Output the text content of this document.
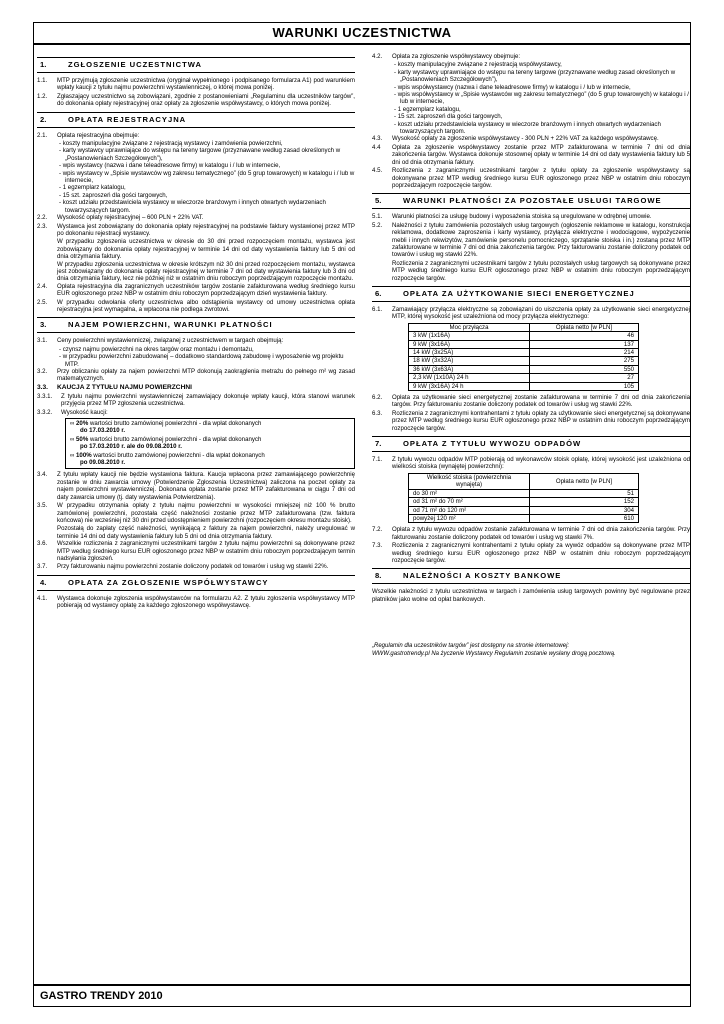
WARUNKI UCZESTNICTWA
1.	ZGŁOSZENIE UCZESTNICTWA
1.1.	MTP przyjmują zgłoszenie uczestnictwa (oryginał wypełnionego i podpisanego formularza A1) pod warunkiem wpłaty kaucji z tytułu najmu powierzchni wystawienniczej, o której mowa poniżej.
1.2.	Zgłaszający uczestnictwo są zobowiązani, zgodnie z postanowieniami „Regulaminu dla uczestników targów”, do dokonania opłaty rejestracyjnej oraz opłaty za zgłoszenie współwystawcy, o których mowa poniżej.
2.	OPŁATA REJESTRACYJNA
2.1.	Opłata rejestracyjna obejmuje:
- koszty manipulacyjne związane z rejestracją wystawcy i zamówienia powierzchni,
- karty wystawcy uprawniające do wstępu na tereny targowe (przyznawane według zasad określonych w „Postanowieniach Szczegółowych”),
- wpis wystawcy (nazwa i dane teleadresowe firmy) w katalogu i / lub w internecie,
- wpis wystawcy w „Spisie wystawców wg zakresu tematycznego” (do 5 grup towarowych) w katalogu i / lub w internecie,
- 1 egzemplarz katalogu,
- 15 szt. zaproszeń dla gości targowych,
- koszt udziału przedstawiciela wystawcy w wieczorze branżowym i innych otwartych wydarzeniach towarzyszących targom.
2.2.	Wysokość opłaty rejestracyjnej – 600 PLN + 22% VAT.
2.3.	Wystawca jest zobowiązany do dokonania opłaty rejestracyjnej na podstawie faktury wystawionej przez MTP po dokonaniu rejestracji wystawcy.
W przypadku zgłoszenia uczestnictwa w okresie do 30 dni przed rozpoczęciem montażu, wystawca jest zobowiązany do dokonania opłaty rejestracyjnej w terminie 14 dni od daty wystawienia faktury lub 5 dni od dnia otrzymania faktury.
W przypadku zgłoszenia uczestnictwa w okresie krótszym niż 30 dni przed rozpoczęciem montażu, wystawca jest zobowiązany do dokonania opłaty rejestracyjnej w terminie 7 dni od daty wystawienia faktury lub 3 dni od dnia otrzymania faktury, lecz nie później niż w ostatnim dniu roboczym poprzedzającym rozpoczęcie montażu.
2.4.	Opłata rejestracyjna dla zagranicznych uczestników targów zostanie zafakturowana według średniego kursu EUR ogłoszonego przez NBP w ostatnim dniu roboczym poprzedzającym dzień wystawienia faktury.
2.5.	W przypadku odwołania oferty uczestnictwa albo odstąpienia wystawcy od umowy uczestnictwa opłata rejestracyjna jest wymagalna, a wpłacona nie podlega zwrotowi.
3.	NAJEM POWIERZCHNI, WARUNKI PŁATNOŚCI
3.1.	Ceny powierzchni wystawienniczej, związanej z uczestnictwem w targach obejmują:
- czynsz najmu powierzchni na okres targów oraz montażu i demontażu,
- w przypadku powierzchni zabudowanej – dodatkowo standardową zabudowę i wyposażenie wg projektu MTP.
3.2.	Przy obliczaniu opłaty za najem powierzchni MTP dokonują zaokrąglenia metrażu do pełnego m² wg zasad matematycznych.
3.3.	KAUCJA Z TYTUŁU NAJMU POWIERZCHNI
3.3.1.	Z tytułu najmu powierzchni wystawienniczej zamawiający dokonuje wpłaty kaucji, która stanowi warunek przyjęcia przez MTP zgłoszenia uczestnictwa.
3.3.2.	Wysokość kaucji:
∞ 20% wartości brutto zamówionej powierzchni - dla wpłat dokonanych
do 17.03.2010 r.
∞ 50% wartości brutto zamówionej powierzchni - dla wpłat dokonanych
po 17.03.2010 r. ale do 09.08.2010 r.
∞ 100% wartości brutto zamówionej powierzchni - dla wpłat dokonanych
po 09.08.2010 r.
3.4.	Z tytułu wpłaty kaucji nie będzie wystawiona faktura. Kaucja wpłacona przez zamawiającego powierzchnię zostanie w dniu zawarcia umowy (Potwierdzenie Zgłoszenia Uczestnictwa) zaliczona na poczet opłaty za najem powierzchni wystawienniczej. Dokonana opłata zostanie przez MTP zafakturowana w ciągu 7 dni od daty zawarcia umowy (tj. daty wystawienia Potwierdzenia).
3.5.	W przypadku otrzymania opłaty z tytułu najmu powierzchni w wysokości mniejszej niż 100 % brutto zamówionej powierzchni, pozostała część należności zostanie przez MTP zafakturowana (tzw. faktura końcowa) nie wcześniej niż 30 dni przed udostępnieniem powierzchni (rozpoczęciem okresu montażu stoisk).
Pozostałą do zapłaty część należności, wynikającą z faktury za najem powierzchni, należy uregulować w terminie 14 dni od daty wystawienia faktury lub 5 dni od dnia otrzymania faktury.
3.6.	Wszelkie rozliczenia z zagranicznymi uczestnikami targów z tytułu najmu powierzchni są dokonywane przez MTP według średniego kursu EUR ogłoszonego przez NBP w ostatnim dniu roboczym poprzedzającym termin nadsyłania zgłoszeń.
3.7.	Przy fakturowaniu najmu powierzchni zostanie doliczony podatek od towarów i usług wg stawki 22%.
4.	OPŁATA ZA ZGŁOSZENIE WSPÓŁWYSTAWCY
4.1.	Wystawca dokonuje zgłoszenia współwystawców na formularzu A2. Z tytułu zgłoszenia współwystawcy MTP pobierają od wystawcy opłatę za każdego zgłoszonego współwystawcę.
4.2.	Opłata za zgłoszenie współwystawcy obejmuje:
- koszty manipulacyjne związane z rejestracją współwystawcy,
- karty wystawcy uprawniające do wstępu na tereny targowe (przyznawane według zasad określonych w „Postanowieniach Szczegółowych”),
- wpis współwystawcy (nazwa i dane teleadresowe firmy) w katalogu i / lub w internecie,
- wpis współwystawcy w „Spisie wystawców wg zakresu tematycznego” (do 5 grup towarowych) w katalogu i / lub w internecie,
- 1 egzemplarz katalogu,
- 15 szt. zaproszeń dla gości targowych,
- koszt udziału przedstawiciela wystawcy w wieczorze branżowym i innych otwartych wydarzeniach towarzyszących targom.
4.3.	Wysokość opłaty za zgłoszenie współwystawcy - 300 PLN + 22% VAT za każdego współwystawcę.
4.4	Opłata za zgłoszenie współwystawcy zostanie przez MTP zafakturowana w terminie 7 dni od dnia zakończenia targów. Wystawca dokonuje stosownej opłaty w terminie 14 dni od daty wystawienia faktury lub 5 dni od dnia otrzymania faktury.
4.5.	Rozliczenia z zagranicznymi uczestnikami targów z tytułu opłaty za zgłoszenie współwystawcy są dokonywane przez MTP według średniego kursu EUR ogłoszonego przez NBP w ostatnim dniu roboczym poprzedzającym rozpoczęcie targów.
5.	WARUNKI PŁATNOŚCI ZA POZOSTAŁE USŁUGI TARGOWE
5.1.	Warunki płatności za usługę budowy i wyposażenia stoiska są uregulowane w odrębnej umowie.
5.2.	Należności z tytułu zamówienia pozostałych usług targowych (ogłoszenie reklamowe w katalogu, konstrukcja reklamowa, dodatkowe zaproszenia i karty wystawcy, przyłącza elektryczne i wodociągowe, wypożyczenie mebli i innych rekwizytów, zamówienie personelu pomocniczego, sprzątanie stoiska i in.) zostaną przez MTP zafakturowane w terminie 7 dni od dnia zakończenia targów. Przy fakturowaniu zostanie doliczony podatek od towarów i usług wg stawki 22%.
Rozliczenia z zagranicznymi uczestnikami targów z tytułu pozostałych usług targowych są dokonywane przez MTP według średniego kursu EUR ogłoszonego przez NBP w ostatnim dniu roboczym poprzedzającym rozpoczęcie targów.
6.	OPŁATA ZA UŻYTKOWANIE SIECI ENERGETYCZNEJ
6.1.	Zamawiający przyłącza elektryczne są zobowiązani do uiszczenia opłaty za użytkowanie sieci energetycznej MTP, której wysokość jest uzależniona od mocy przyłącza elektrycznego:
Moc przyłącza	Opłata netto [w PLN]
3 kW (1x16A)	46
9 kW (3x16A)	137
14 kW (3x25A)	214
18 kW (3x32A)	275
36 kW (3x63A)	550
2,3 kW (1x10A) 24 h	27
9 kW (3x16A) 24 h	105
6.2.	Opłata za użytkowanie sieci energetycznej zostanie zafakturowana w terminie 7 dni od dnia zakończenia targów. Przy fakturowaniu zostanie doliczony podatek od towarów i usług wg stawki 22%.
6.3.	Rozliczenia z zagranicznymi kontrahentami z tytułu opłaty za użytkowanie sieci energetycznej są dokonywane przez MTP według średniego kursu EUR ogłoszonego przez NBP w ostatnim dniu roboczym poprzedzającym rozpoczęcie targów.
7.	OPŁATA Z TYTUŁU WYWOZU ODPADÓW
7.1.	Z tytułu wywozu odpadów MTP pobierają od wykonawców stoisk opłatę, której wysokość jest uzależniona od wielkości stoiska (wynajętej powierzchni):
Wielkość stoiska (powierzchnia wynajęta)	Opłata netto [w PLN]
do 30 m²	51
od 31 m² do 70 m²	152
od 71 m² do 120 m²	304
powyżej 120 m²	610
7.2.	Opłata z tytułu wywozu odpadów zostanie zafakturowana w terminie 7 dni od dnia zakończenia targów. Przy fakturowaniu zostanie doliczony podatek od towarów i usług wg stawki 7%.
7.3.	Rozliczenia z zagranicznymi kontrahentami z tytułu opłaty za wywóz odpadów są dokonywane przez MTP według średniego kursu EUR ogłoszonego przez NBP w ostatnim dniu roboczym poprzedzającym rozpoczęcie targów.
8.	NALEŻNOŚCI A KOSZTY BANKOWE
Wszelkie należności z tytułu uczestnictwa w targach i zamówienia usług targowych powinny być regulowane przez płatników jako wolne od opłat bankowych.
„Regulamin dla uczestników targów” jest dostępny na stronie internetowej:
WWW.gastrotrendy.pl Na życzenie Wystawcy Regulamin zostanie wysłany drogą pocztową.
GASTRO TRENDY 2010
